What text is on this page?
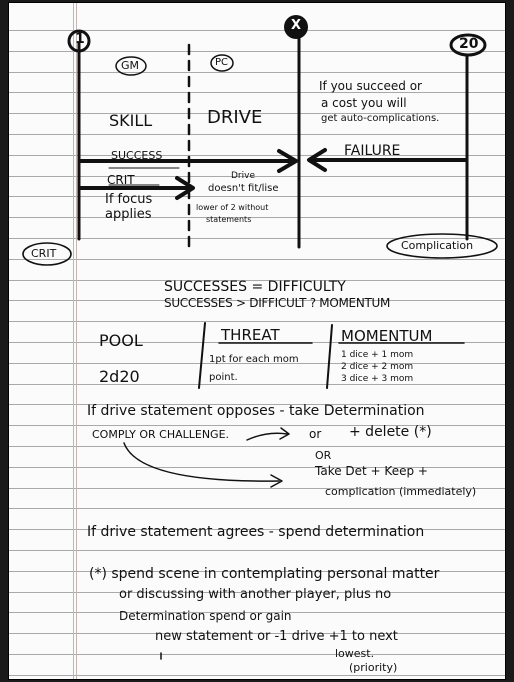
1
X
20
GM	PC
SKILL	DRIVE
If you succeed or
a cost you will
get auto-complications.
SUCCESS	FAILURE
CRIT
If focus
applies
Drive
doesn't fit/lise
lower of 2 without
statements
CRIT
Complication
SUCCESSES = DIFFICULTY
SUCCESSES > DIFFICULT ? MOMENTUM
POOL
2d20
THREAT
1pt for each mom
point.
MOMENTUM
1 dice + 1 mom
2 dice + 2 mom
3 dice + 3 mom
If drive statement opposes - take Determination
COMPLY OR CHALLENGE.	or + delete (*)
OR
Take Det + Keep +
complication (immediately)
If drive statement agrees - spend determination
(*) spend scene in contemplating personal matter
or discussing with another player, plus no
Determination spend or gain
new statement or -1 drive +1 to next
lowest.
(priority)
